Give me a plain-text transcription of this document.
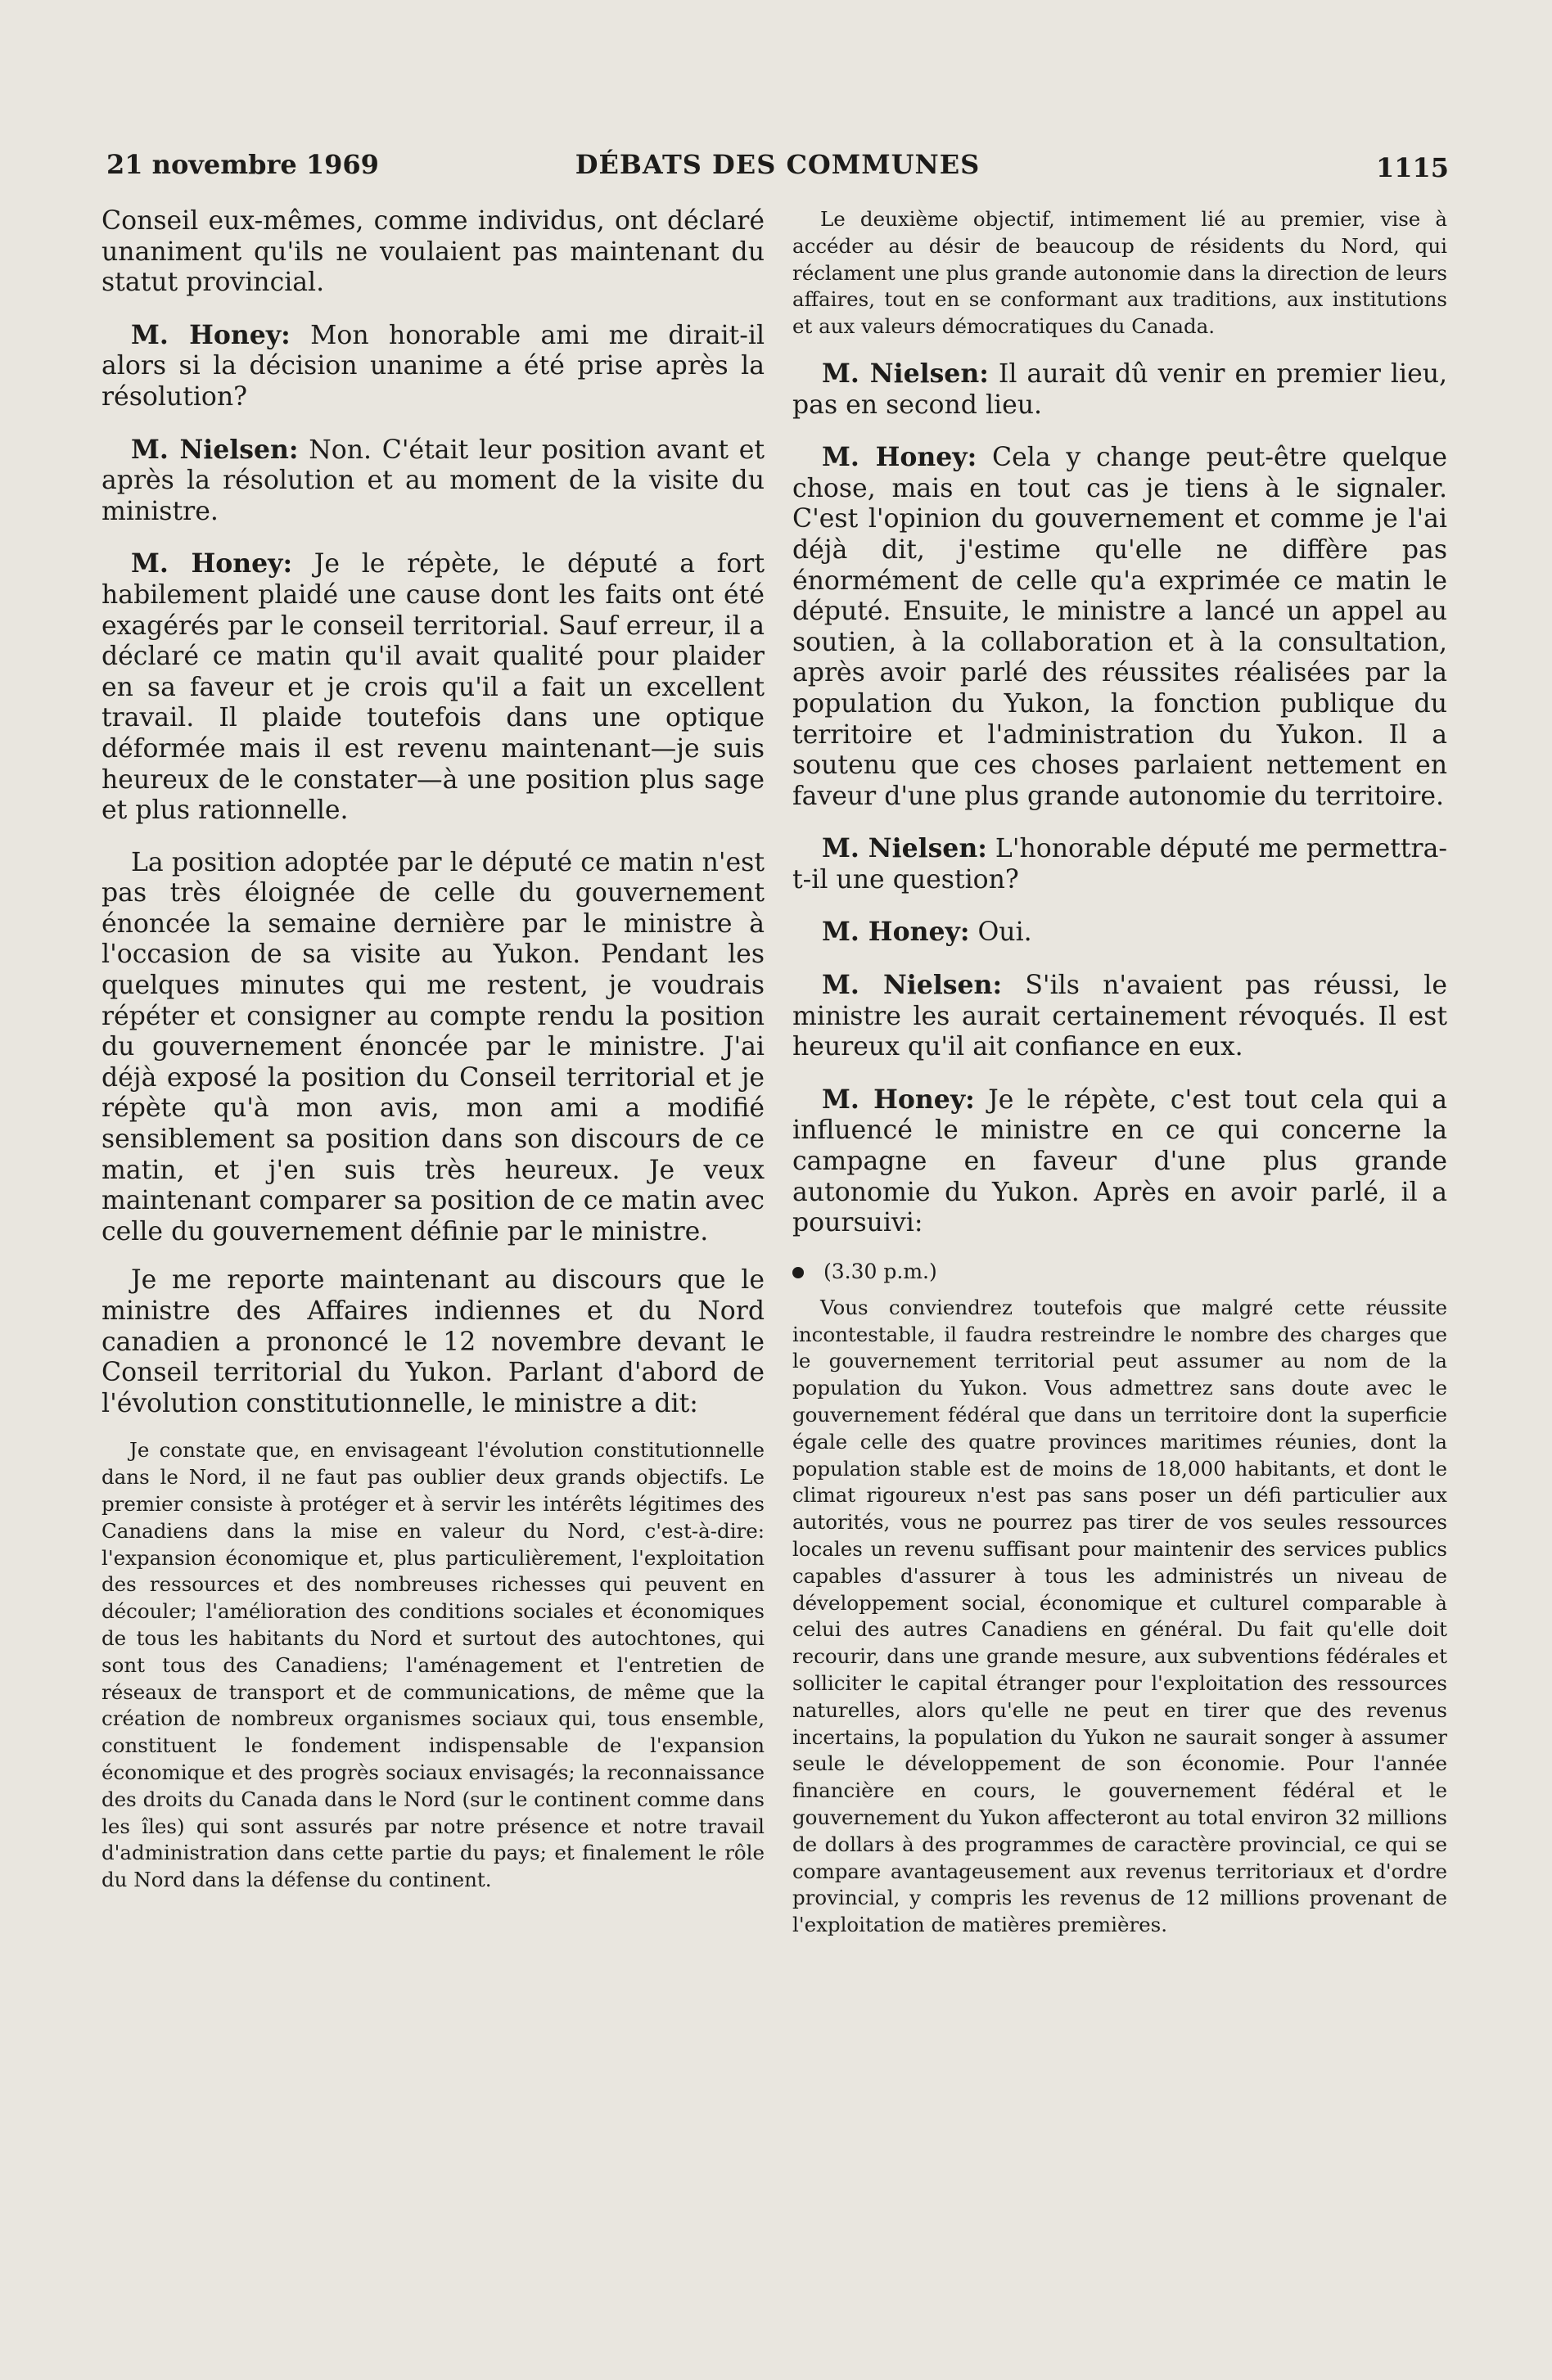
21 novembre 1969	DÉBATS DES COMMUNES	1115

Conseil eux-mêmes, comme individus, ont déclaré unaniment qu'ils ne voulaient pas maintenant du statut provincial.

M. Honey: Mon honorable ami me dirait-il alors si la décision unanime a été prise après la résolution?

M. Nielsen: Non. C'était leur position avant et après la résolution et au moment de la visite du ministre.

M. Honey: Je le répète, le député a fort habilement plaidé une cause dont les faits ont été exagérés par le conseil territorial. Sauf erreur, il a déclaré ce matin qu'il avait qualité pour plaider en sa faveur et je crois qu'il a fait un excellent travail. Il plaide toutefois dans une optique déformée mais il est revenu maintenant—je suis heureux de le constater—à une position plus sage et plus rationnelle.

La position adoptée par le député ce matin n'est pas très éloignée de celle du gouvernement énoncée la semaine dernière par le ministre à l'occasion de sa visite au Yukon. Pendant les quelques minutes qui me restent, je voudrais répéter et consigner au compte rendu la position du gouvernement énoncée par le ministre. J'ai déjà exposé la position du Conseil territorial et je répète qu'à mon avis, mon ami a modifié sensiblement sa position dans son discours de ce matin, et j'en suis très heureux. Je veux maintenant comparer sa position de ce matin avec celle du gouvernement définie par le ministre.

Je me reporte maintenant au discours que le ministre des Affaires indiennes et du Nord canadien a prononcé le 12 novembre devant le Conseil territorial du Yukon. Parlant d'abord de l'évolution constitutionnelle, le ministre a dit:

Je constate que, en envisageant l'évolution constitutionnelle dans le Nord, il ne faut pas oublier deux grands objectifs. Le premier consiste à protéger et à servir les intérêts légitimes des Canadiens dans la mise en valeur du Nord, c'est-à-dire: l'expansion économique et, plus particulièrement, l'exploitation des ressources et des nombreuses richesses qui peuvent en découler; l'amélioration des conditions sociales et économiques de tous les habitants du Nord et surtout des autochtones, qui sont tous des Canadiens; l'aménagement et l'entretien de réseaux de transport et de communications, de même que la création de nombreux organismes sociaux qui, tous ensemble, constituent le fondement indispensable de l'expansion économique et des progrès sociaux envisagés; la reconnaissance des droits du Canada dans le Nord (sur le continent comme dans les îles) qui sont assurés par notre présence et notre travail d'administration dans cette partie du pays; et finalement le rôle du Nord dans la défense du continent.

Le deuxième objectif, intimement lié au premier, vise à accéder au désir de beaucoup de résidents du Nord, qui réclament une plus grande autonomie dans la direction de leurs affaires, tout en se conformant aux traditions, aux institutions et aux valeurs démocratiques du Canada.

M. Nielsen: Il aurait dû venir en premier lieu, pas en second lieu.

M. Honey: Cela y change peut-être quelque chose, mais en tout cas je tiens à le signaler. C'est l'opinion du gouvernement et comme je l'ai déjà dit, j'estime qu'elle ne diffère pas énormément de celle qu'a exprimée ce matin le député. Ensuite, le ministre a lancé un appel au soutien, à la collaboration et à la consultation, après avoir parlé des réussites réalisées par la population du Yukon, la fonction publique du territoire et l'administration du Yukon. Il a soutenu que ces choses parlaient nettement en faveur d'une plus grande autonomie du territoire.

M. Nielsen: L'honorable député me permettra-t-il une question?

M. Honey: Oui.

M. Nielsen: S'ils n'avaient pas réussi, le ministre les aurait certainement révoqués. Il est heureux qu'il ait confiance en eux.

M. Honey: Je le répète, c'est tout cela qui a influencé le ministre en ce qui concerne la campagne en faveur d'une plus grande autonomie du Yukon. Après en avoir parlé, il a poursuivi:

(3.30 p.m.)

Vous conviendrez toutefois que malgré cette réussite incontestable, il faudra restreindre le nombre des charges que le gouvernement territorial peut assumer au nom de la population du Yukon. Vous admettrez sans doute avec le gouvernement fédéral que dans un territoire dont la superficie égale celle des quatre provinces maritimes réunies, dont la population stable est de moins de 18,000 habitants, et dont le climat rigoureux n'est pas sans poser un défi particulier aux autorités, vous ne pourrez pas tirer de vos seules ressources locales un revenu suffisant pour maintenir des services publics capables d'assurer à tous les administrés un niveau de développement social, économique et culturel comparable à celui des autres Canadiens en général. Du fait qu'elle doit recourir, dans une grande mesure, aux subventions fédérales et solliciter le capital étranger pour l'exploitation des ressources naturelles, alors qu'elle ne peut en tirer que des revenus incertains, la population du Yukon ne saurait songer à assumer seule le développement de son économie. Pour l'année financière en cours, le gouvernement fédéral et le gouvernement du Yukon affecteront au total environ 32 millions de dollars à des programmes de caractère provincial, ce qui se compare avantageusement aux revenus territoriaux et d'ordre provincial, y compris les revenus de 12 millions provenant de l'exploitation de matières premières.
